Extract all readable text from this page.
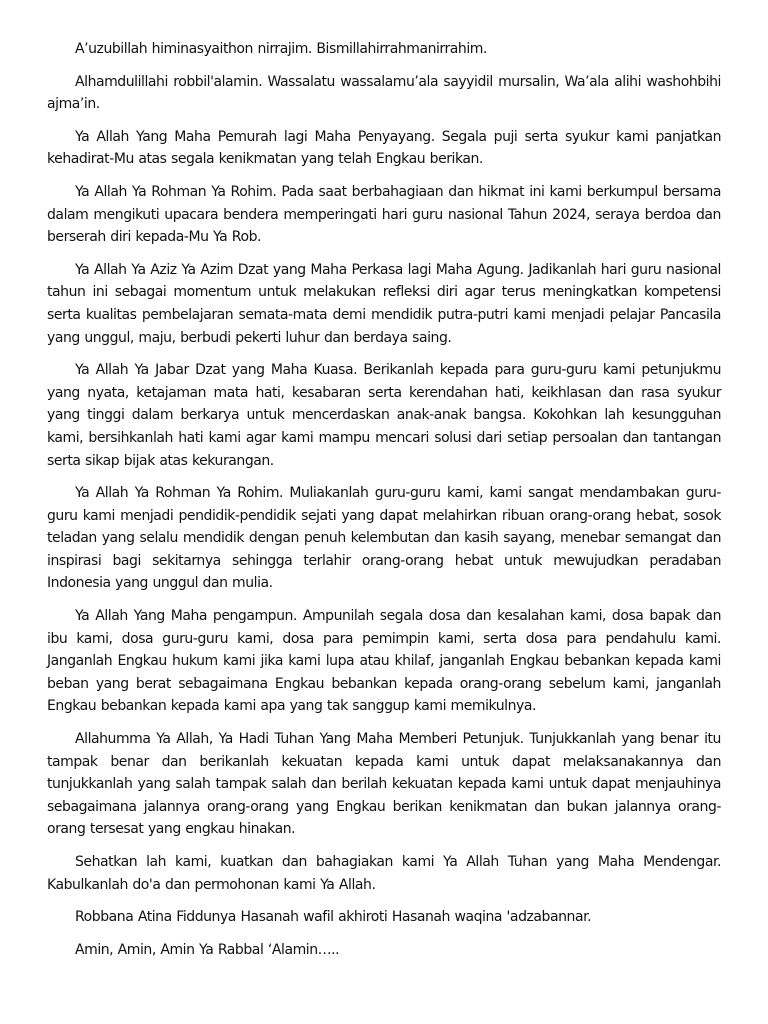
A’uzubillah himinasyaithon nirrajim. Bismillahirrahmanirrahim.

Alhamdulillahi robbil'alamin. Wassalatu wassalamu’ala sayyidil mursalin, Wa’ala alihi washohbihi ajma’in.

Ya Allah Yang Maha Pemurah lagi Maha Penyayang. Segala puji serta syukur kami panjatkan kehadirat-Mu atas segala kenikmatan yang telah Engkau berikan.

Ya Allah Ya Rohman Ya Rohim. Pada saat berbahagiaan dan hikmat ini kami berkumpul bersama dalam mengikuti upacara bendera memperingati hari guru nasional Tahun 2024, seraya berdoa dan berserah diri kepada-Mu Ya Rob.

Ya Allah Ya Aziz Ya Azim Dzat yang Maha Perkasa lagi Maha Agung. Jadikanlah hari guru nasional tahun ini sebagai momentum untuk melakukan refleksi diri agar terus meningkatkan kompetensi serta kualitas pembelajaran semata-mata demi mendidik putra-putri kami menjadi pelajar Pancasila yang unggul, maju, berbudi pekerti luhur dan berdaya saing.

Ya Allah Ya Jabar Dzat yang Maha Kuasa. Berikanlah kepada para guru-guru kami petunjukmu yang nyata, ketajaman mata hati, kesabaran serta kerendahan hati, keikhlasan dan rasa syukur yang tinggi dalam berkarya untuk mencerdaskan anak-anak bangsa. Kokohkan lah kesungguhan kami, bersihkanlah hati kami agar kami mampu mencari solusi dari setiap persoalan dan tantangan serta sikap bijak atas kekurangan.

Ya Allah Ya Rohman Ya Rohim. Muliakanlah guru-guru kami, kami sangat mendambakan guru-guru kami menjadi pendidik-pendidik sejati yang dapat melahirkan ribuan orang-orang hebat, sosok teladan yang selalu mendidik dengan penuh kelembutan dan kasih sayang, menebar semangat dan inspirasi bagi sekitarnya sehingga terlahir orang-orang hebat untuk mewujudkan peradaban Indonesia yang unggul dan mulia.

Ya Allah Yang Maha pengampun. Ampunilah segala dosa dan kesalahan kami, dosa bapak dan ibu kami, dosa guru-guru kami, dosa para pemimpin kami, serta dosa para pendahulu kami. Janganlah Engkau hukum kami jika kami lupa atau khilaf, janganlah Engkau bebankan kepada kami beban yang berat sebagaimana Engkau bebankan kepada orang-orang sebelum kami, janganlah Engkau bebankan kepada kami apa yang tak sanggup kami memikulnya.

Allahumma Ya Allah, Ya Hadi Tuhan Yang Maha Memberi Petunjuk. Tunjukkanlah yang benar itu tampak benar dan berikanlah kekuatan kepada kami untuk dapat melaksanakannya dan tunjukkanlah yang salah tampak salah dan berilah kekuatan kepada kami untuk dapat menjauhinya sebagaimana jalannya orang-orang yang Engkau berikan kenikmatan dan bukan jalannya orang-orang tersesat yang engkau hinakan.

Sehatkan lah kami, kuatkan dan bahagiakan kami Ya Allah Tuhan yang Maha Mendengar. Kabulkanlah do'a dan permohonan kami Ya Allah.

Robbana Atina Fiddunya Hasanah wafil akhiroti Hasanah waqina 'adzabannar.

Amin, Amin, Amin Ya Rabbal ‘Alamin…..
